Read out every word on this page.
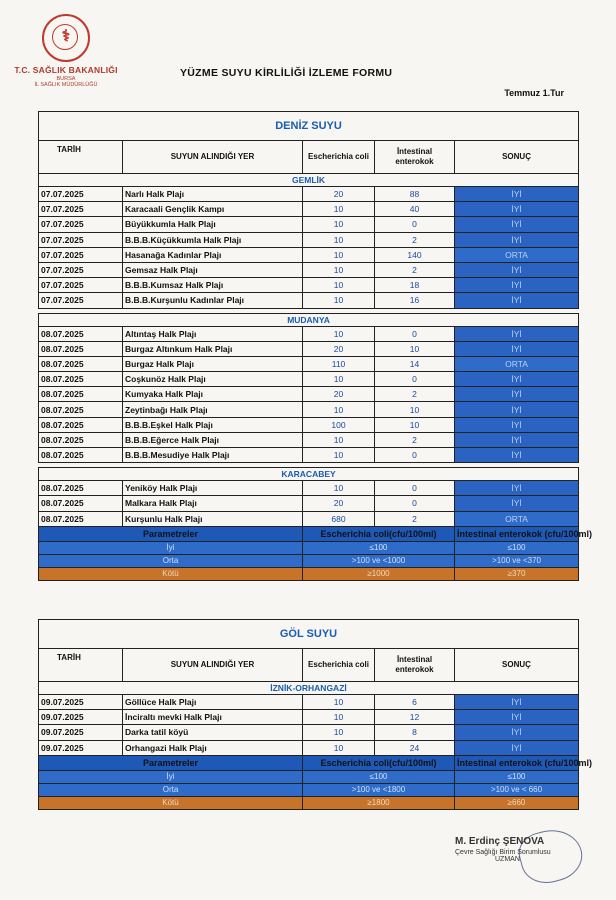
⚕
T.C. SAĞLIK BAKANLIĞI
BURSA
İL SAĞLIK MÜDÜRLÜĞÜ
YÜZME SUYU KİRLİLİĞİ İZLEME FORMU
Temmuz 1.Tur
DENİZ SUYU				
TARİH	SUYUN ALINDIĞI YER	Escherichia coli	İntestinal enterokok	SONUÇ
GEMLİK				
07.07.2025	Narlı Halk Plajı	20	88	İYİ
07.07.2025	Karacaali Gençlik Kampı	10	40	İYİ
07.07.2025	Büyükkumla Halk Plajı	10	0	İYİ
07.07.2025	B.B.B.Küçükkumla Halk Plajı	10	2	İYİ
07.07.2025	Hasanağa Kadınlar Plajı	10	140	ORTA
07.07.2025	Gemsaz Halk Plajı	10	2	İYİ
07.07.2025	B.B.B.Kumsaz Halk Plajı	10	18	İYİ
07.07.2025	B.B.B.Kurşunlu Kadınlar Plajı	10	16	İYİ

MUDANYA				
08.07.2025	Altıntaş Halk Plajı	10	0	İYİ
08.07.2025	Burgaz Altınkum Halk Plajı	20	10	İYİ
08.07.2025	Burgaz Halk Plajı	110	14	ORTA
08.07.2025	Coşkunöz Halk Plajı	10	0	İYİ
08.07.2025	Kumyaka Halk Plajı	20	2	İYİ
08.07.2025	Zeytinbağı Halk Plajı	10	10	İYİ
08.07.2025	B.B.B.Eşkel Halk Plajı	100	10	İYİ
08.07.2025	B.B.B.Eğerce Halk Plajı	10	2	İYİ
08.07.2025	B.B.B.Mesudiye Halk Plajı	10	0	İYİ

KARACABEY				
08.07.2025	Yeniköy Halk Plajı	10	0	İYİ
08.07.2025	Malkara Halk Plajı	20	0	İYİ
08.07.2025	Kurşunlu Halk Plajı	680	2	ORTA
Parametreler		Escherichia coli(cfu/100ml)		İntestinal enterokok (cfu/100ml)
İyi		≤100		≤100
Orta		>100 ve <1000		>100 ve <370
Kötü		≥1000		≥370
GÖL SUYU				
TARİH	SUYUN ALINDIĞI YER	Escherichia coli	İntestinal enterokok	SONUÇ
İZNİK-ORHANGAZİ				
09.07.2025	Göllüce Halk Plajı	10	6	İYİ
09.07.2025	İnciraltı mevki Halk Plajı	10	12	İYİ
09.07.2025	Darka tatil köyü	10	8	İYİ
09.07.2025	Orhangazi Halk Plajı	10	24	İYİ
Parametreler		Escherichia coli(cfu/100ml)		İntestinal enterokok (cfu/100ml)
İyi		≤100		≤100
Orta		>100 ve <1800		>100 ve < 660
Kötü		≥1800		≥660
M. Erdinç ŞENOVA
Çevre Sağlığı Birim Sorumlusu
UZMAN
